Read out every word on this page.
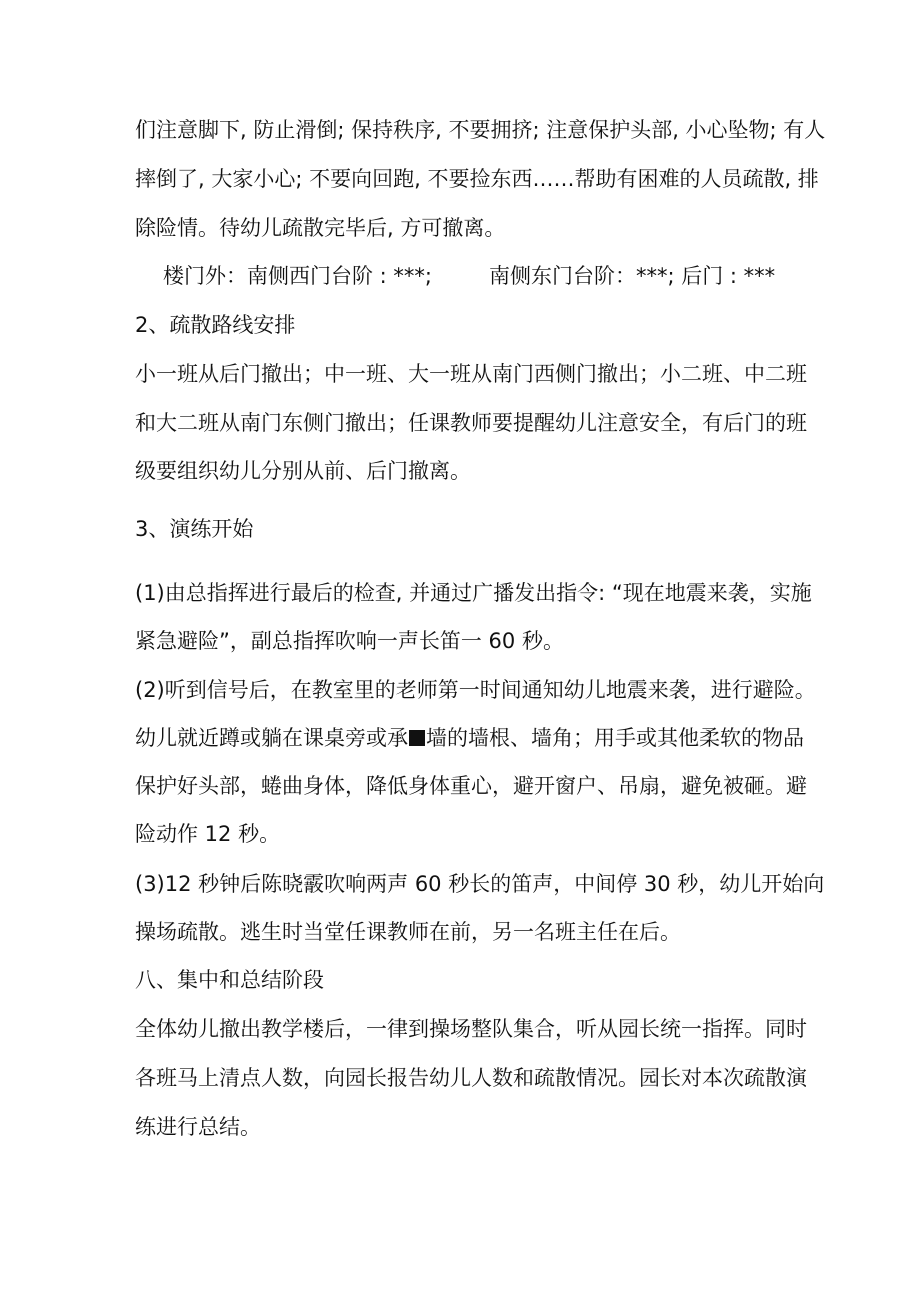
们注意脚下, 防止滑倒; 保持秩序, 不要拥挤; 注意保护头部, 小心坠物; 有人
摔倒了, 大家小心; 不要向回跑, 不要捡东西……帮助有困难的人员疏散, 排
除险情。待幼儿疏散完毕后, 方可撤离。
楼门外：南侧西门台阶 : ***;	南侧东门台阶：***; 后门 : ***
2、疏散路线安排
小一班从后门撤出；中一班、大一班从南门西侧门撤出；小二班、中二班
和大二班从南门东侧门撤出；任课教师要提醒幼儿注意安全，有后门的班
级要组织幼儿分别从前、后门撤离。
3、演练开始
(1)由总指挥进行最后的检查, 并通过广播发出指令: “现在地震来袭，实施
紧急避险”，副总指挥吹响一声长笛一 60 秒。
(2)听到信号后，在教室里的老师第一时间通知幼儿地震来袭，进行避险。
幼儿就近蹲或躺在课桌旁或承 墙的墙根、墙角；用手或其他柔软的物品
保护好头部，蜷曲身体，降低身体重心，避开窗户、吊扇，避免被砸。避
险动作 12 秒。
(3)12 秒钟后陈晓霰吹响两声 60 秒长的笛声，中间停 30 秒，幼儿开始向
操场疏散。逃生时当堂任课教师在前，另一名班主任在后。
八、集中和总结阶段
全体幼儿撤出教学楼后，一律到操场整队集合，听从园长统一指挥。同时
各班马上清点人数，向园长报告幼儿人数和疏散情况。园长对本次疏散演
练进行总结。
